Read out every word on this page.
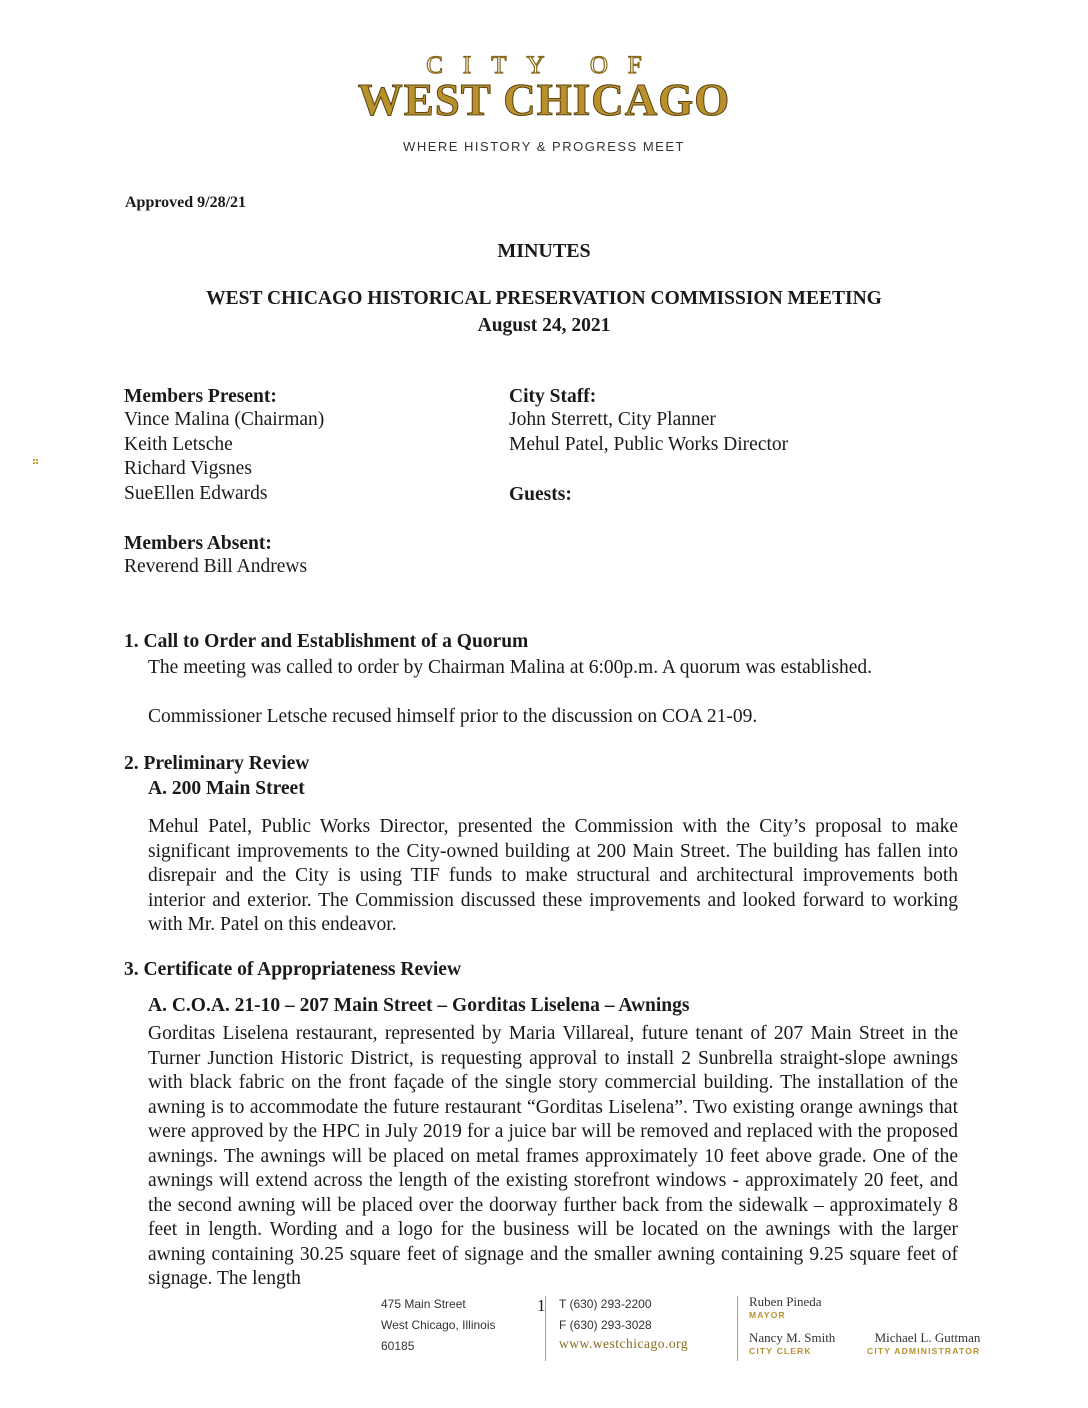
CITY OF
WEST CHICAGO
WHERE HISTORY & PROGRESS MEET
Approved 9/28/21
MINUTES
WEST CHICAGO HISTORICAL PRESERVATION COMMISSION MEETING
August 24, 2021
Members Present:
Vince Malina (Chairman)
Keith Letsche
Richard Vigsnes
SueEllen Edwards
Members Absent:
Reverend Bill Andrews
City Staff:
John Sterrett, City Planner
Mehul Patel, Public Works Director
Guests:
1. Call to Order and Establishment of a Quorum
The meeting was called to order by Chairman Malina at 6:00p.m. A quorum was established.
Commissioner Letsche recused himself prior to the discussion on COA 21-09.
2. Preliminary Review
A. 200 Main Street
Mehul Patel, Public Works Director, presented the Commission with the City’s proposal to make significant improvements to the City-owned building at 200 Main Street. The building has fallen into disrepair and the City is using TIF funds to make structural and architectural improvements both interior and exterior. The Commission discussed these improvements and looked forward to working with Mr. Patel on this endeavor.
3. Certificate of Appropriateness Review
A. C.O.A. 21-10 – 207 Main Street – Gorditas Liselena – Awnings
Gorditas Liselena restaurant, represented by Maria Villareal, future tenant of 207 Main Street in the Turner Junction Historic District, is requesting approval to install 2 Sunbrella straight-slope awnings with black fabric on the front façade of the single story commercial building. The installation of the awning is to accommodate the future restaurant “Gorditas Liselena”. Two existing orange awnings that were approved by the HPC in July 2019 for a juice bar will be removed and replaced with the proposed awnings. The awnings will be placed on metal frames approximately 10 feet above grade. One of the awnings will extend across the length of the existing storefront windows - approximately 20 feet, and the second awning will be placed over the doorway further back from the sidewalk – approximately 8 feet in length. Wording and a logo for the business will be located on the awnings with the larger awning containing 30.25 square feet of signage and the smaller awning containing 9.25 square feet of signage. The length
475 Main Street
West Chicago, Illinois
60185
1 T (630) 293-2200
F (630) 293-3028
www.westchicago.org
Ruben Pineda
MAYOR
Nancy M. Smith
CITY CLERK
Michael L. Guttman
CITY ADMINISTRATOR
